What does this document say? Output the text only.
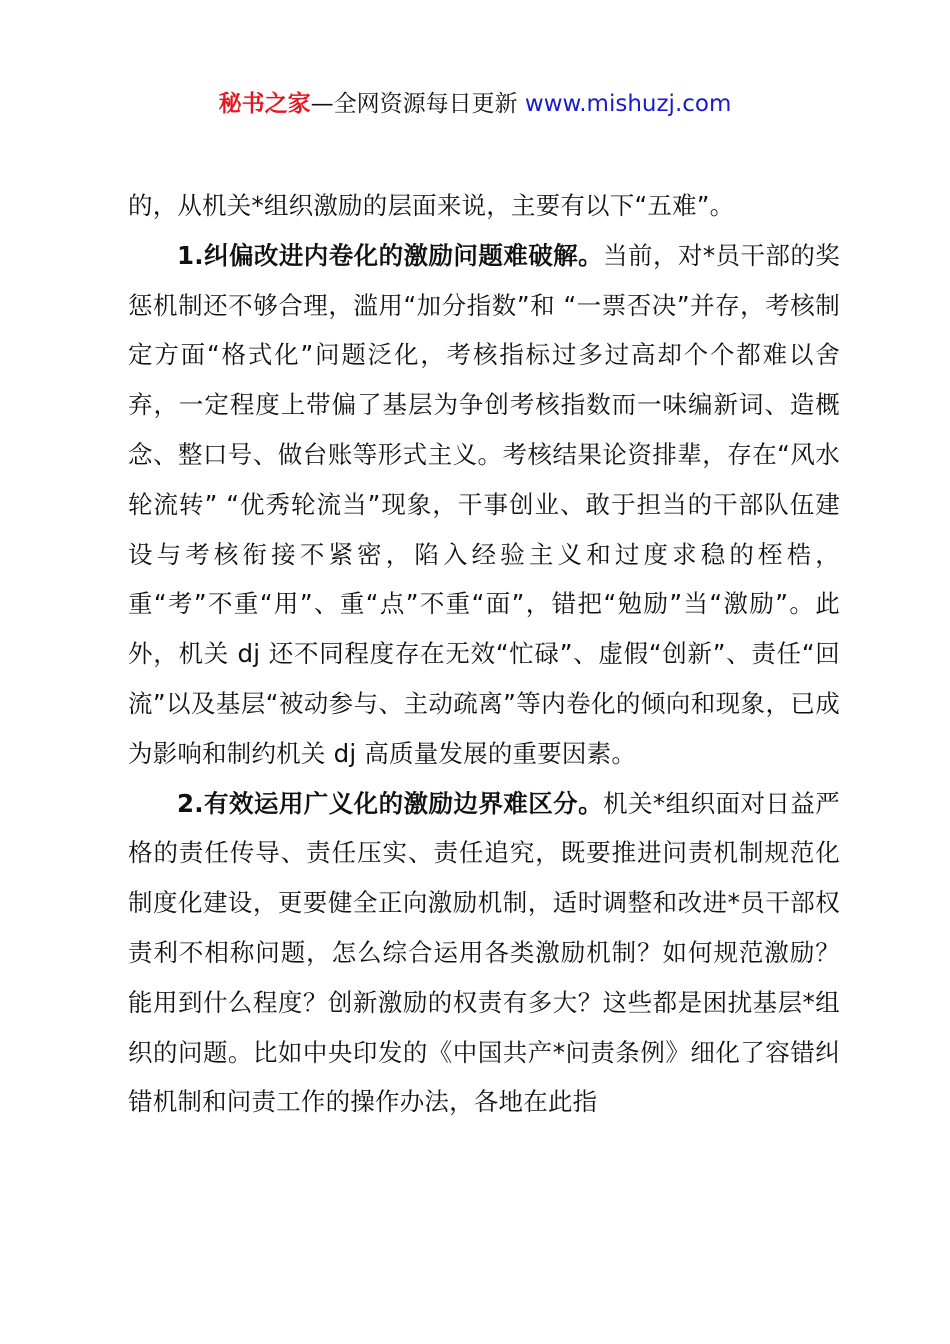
秘书之家—全网资源每日更新 www.mishuzj.com

的，从机关*组织激励的层面来说，主要有以下“五难”。

1.纠偏改进内卷化的激励问题难破解。当前，对*员干部的奖惩机制还不够合理，滥用“加分指数”和 “一票否决”并存，考核制定方面“格式化”问题泛化，考核指标过多过高却个个都难以舍弃，一定程度上带偏了基层为争创考核指数而一味编新词、造概念、整口号、做台账等形式主义。考核结果论资排辈，存在“风水轮流转” “优秀轮流当”现象，干事创业、敢于担当的干部队伍建设与考核衔接不紧密，陷入经验主义和过度求稳的桎梏，重“考”不重“用”、重“点”不重“面”，错把“勉励”当“激励”。此外，机关 dj 还不同程度存在无效“忙碌”、虚假“创新”、责任“回流”以及基层“被动参与、主动疏离”等内卷化的倾向和现象，已成为影响和制约机关 dj 高质量发展的重要因素。

2.有效运用广义化的激励边界难区分。机关*组织面对日益严格的责任传导、责任压实、责任追究，既要推进问责机制规范化制度化建设，更要健全正向激励机制，适时调整和改进*员干部权责利不相称问题，怎么综合运用各类激励机制？如何规范激励？能用到什么程度？创新激励的权责有多大？这些都是困扰基层*组织的问题。比如中央印发的《中国共产*问责条例》细化了容错纠错机制和问责工作的操作办法，各地在此指
